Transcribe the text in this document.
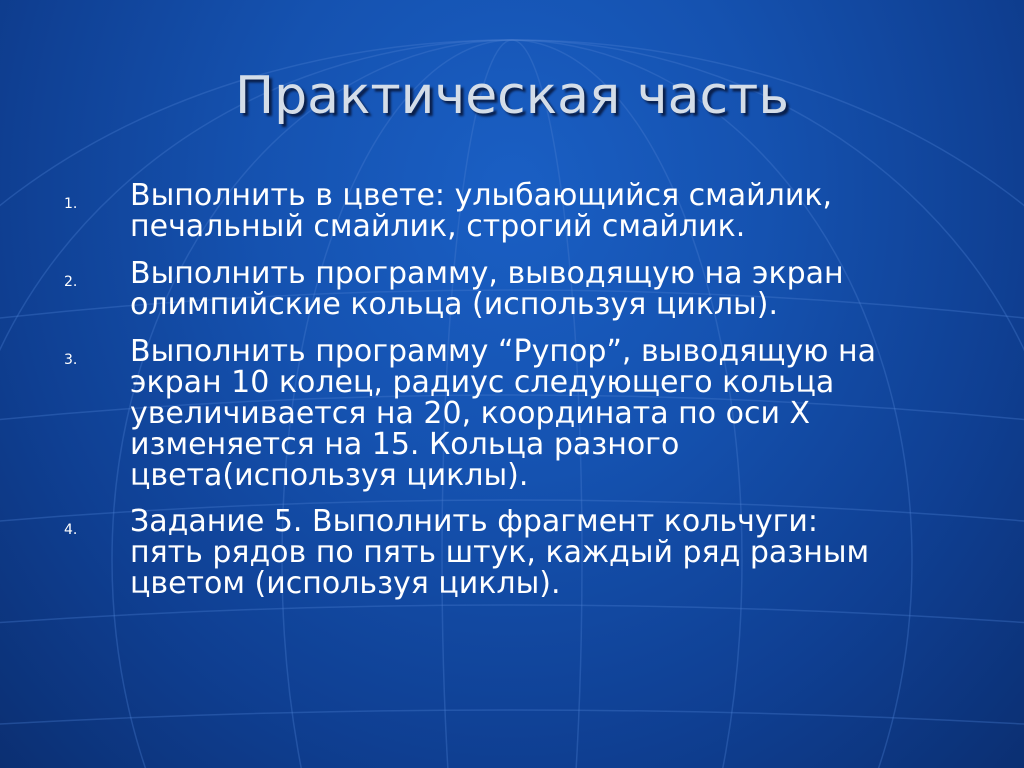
Практическая часть
1. Выполнить в цвете: улыбающийся смайлик,
печальный смайлик, строгий смайлик.
2. Выполнить программу, выводящую на экран
олимпийские кольца (используя циклы).
3. Выполнить программу “Рупор”, выводящую на
экран 10 колец, радиус следующего кольца
увеличивается на 20, координата по оси X
изменяется на 15. Кольца разного
цвета(используя циклы).
4. Задание 5. Выполнить фрагмент кольчуги:
пять рядов по пять штук, каждый ряд разным
цветом (используя циклы).
